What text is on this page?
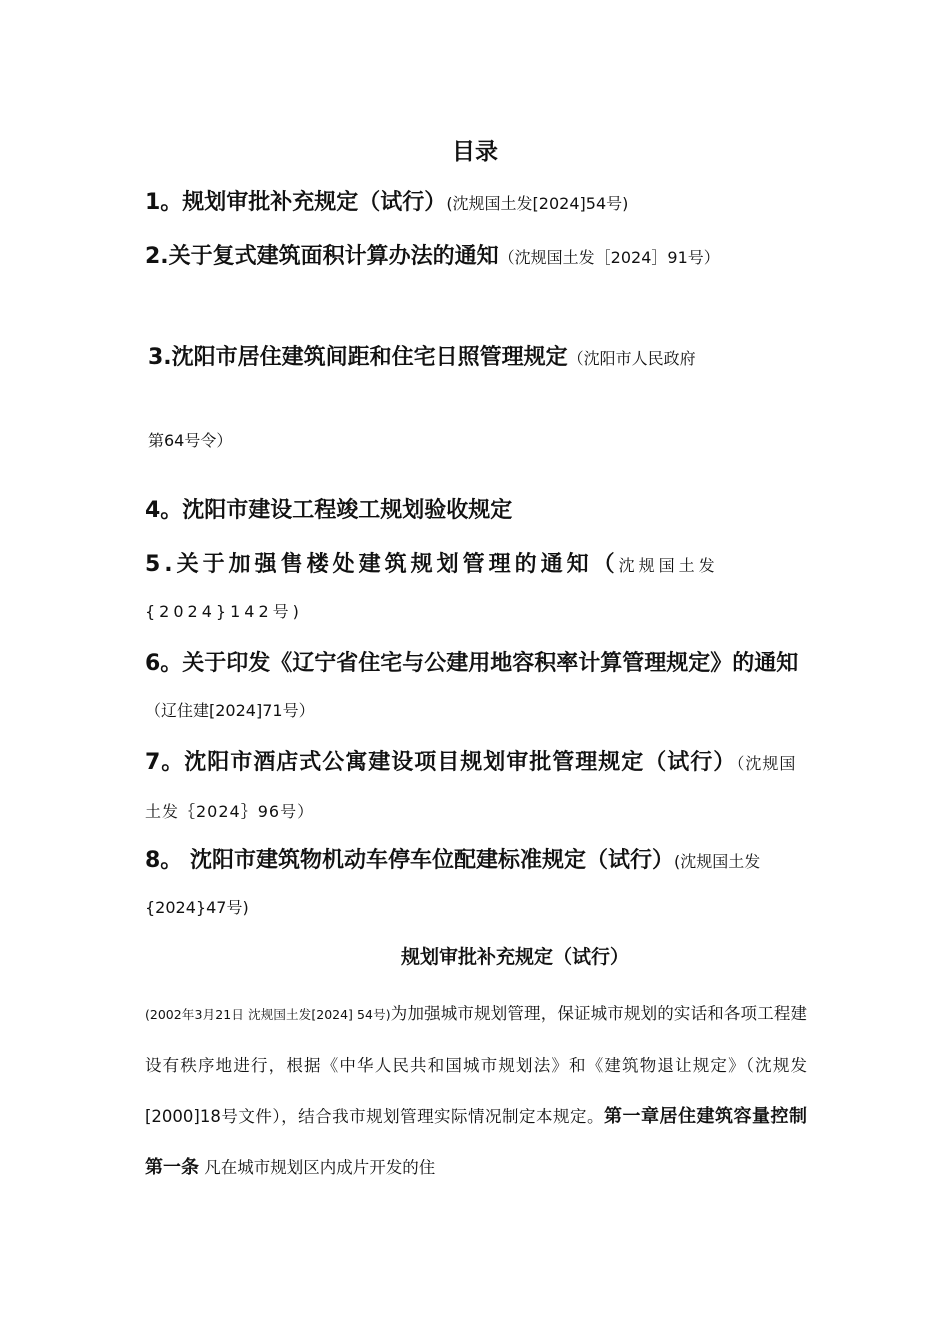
目录
1。规划审批补充规定（试行）(沈规国土发[2024]54号)
2.关于复式建筑面积计算办法的通知（沈规国土发［2024］91号）
3.沈阳市居住建筑间距和住宅日照管理规定（沈阳市人民政府
第64号令）
4。沈阳市建设工程竣工规划验收规定
5.关于加强售楼处建筑规划管理的通知（沈规国土发{2024}142号)
6。关于印发《辽宁省住宅与公建用地容积率计算管理规定》的通知（辽住建[2024]71号）
7。沈阳市酒店式公寓建设项目规划审批管理规定（试行）（沈规国土发｛2024｝96号）
8。 沈阳市建筑物机动车停车位配建标准规定（试行）(沈规国土发{2024}47号)
规划审批补充规定（试行）
(2002年3月21日 沈规国土发[2024] 54号)为加强城市规划管理，保证城市规划的实话和各项工程建设有秩序地进行，根据《中华人民共和国城市规划法》和《建筑物退让规定》（沈规发[2000]18号文件），结合我市规划管理实际情况制定本规定。第一章居住建筑容量控制第一条 凡在城市规划区内成片开发的住
